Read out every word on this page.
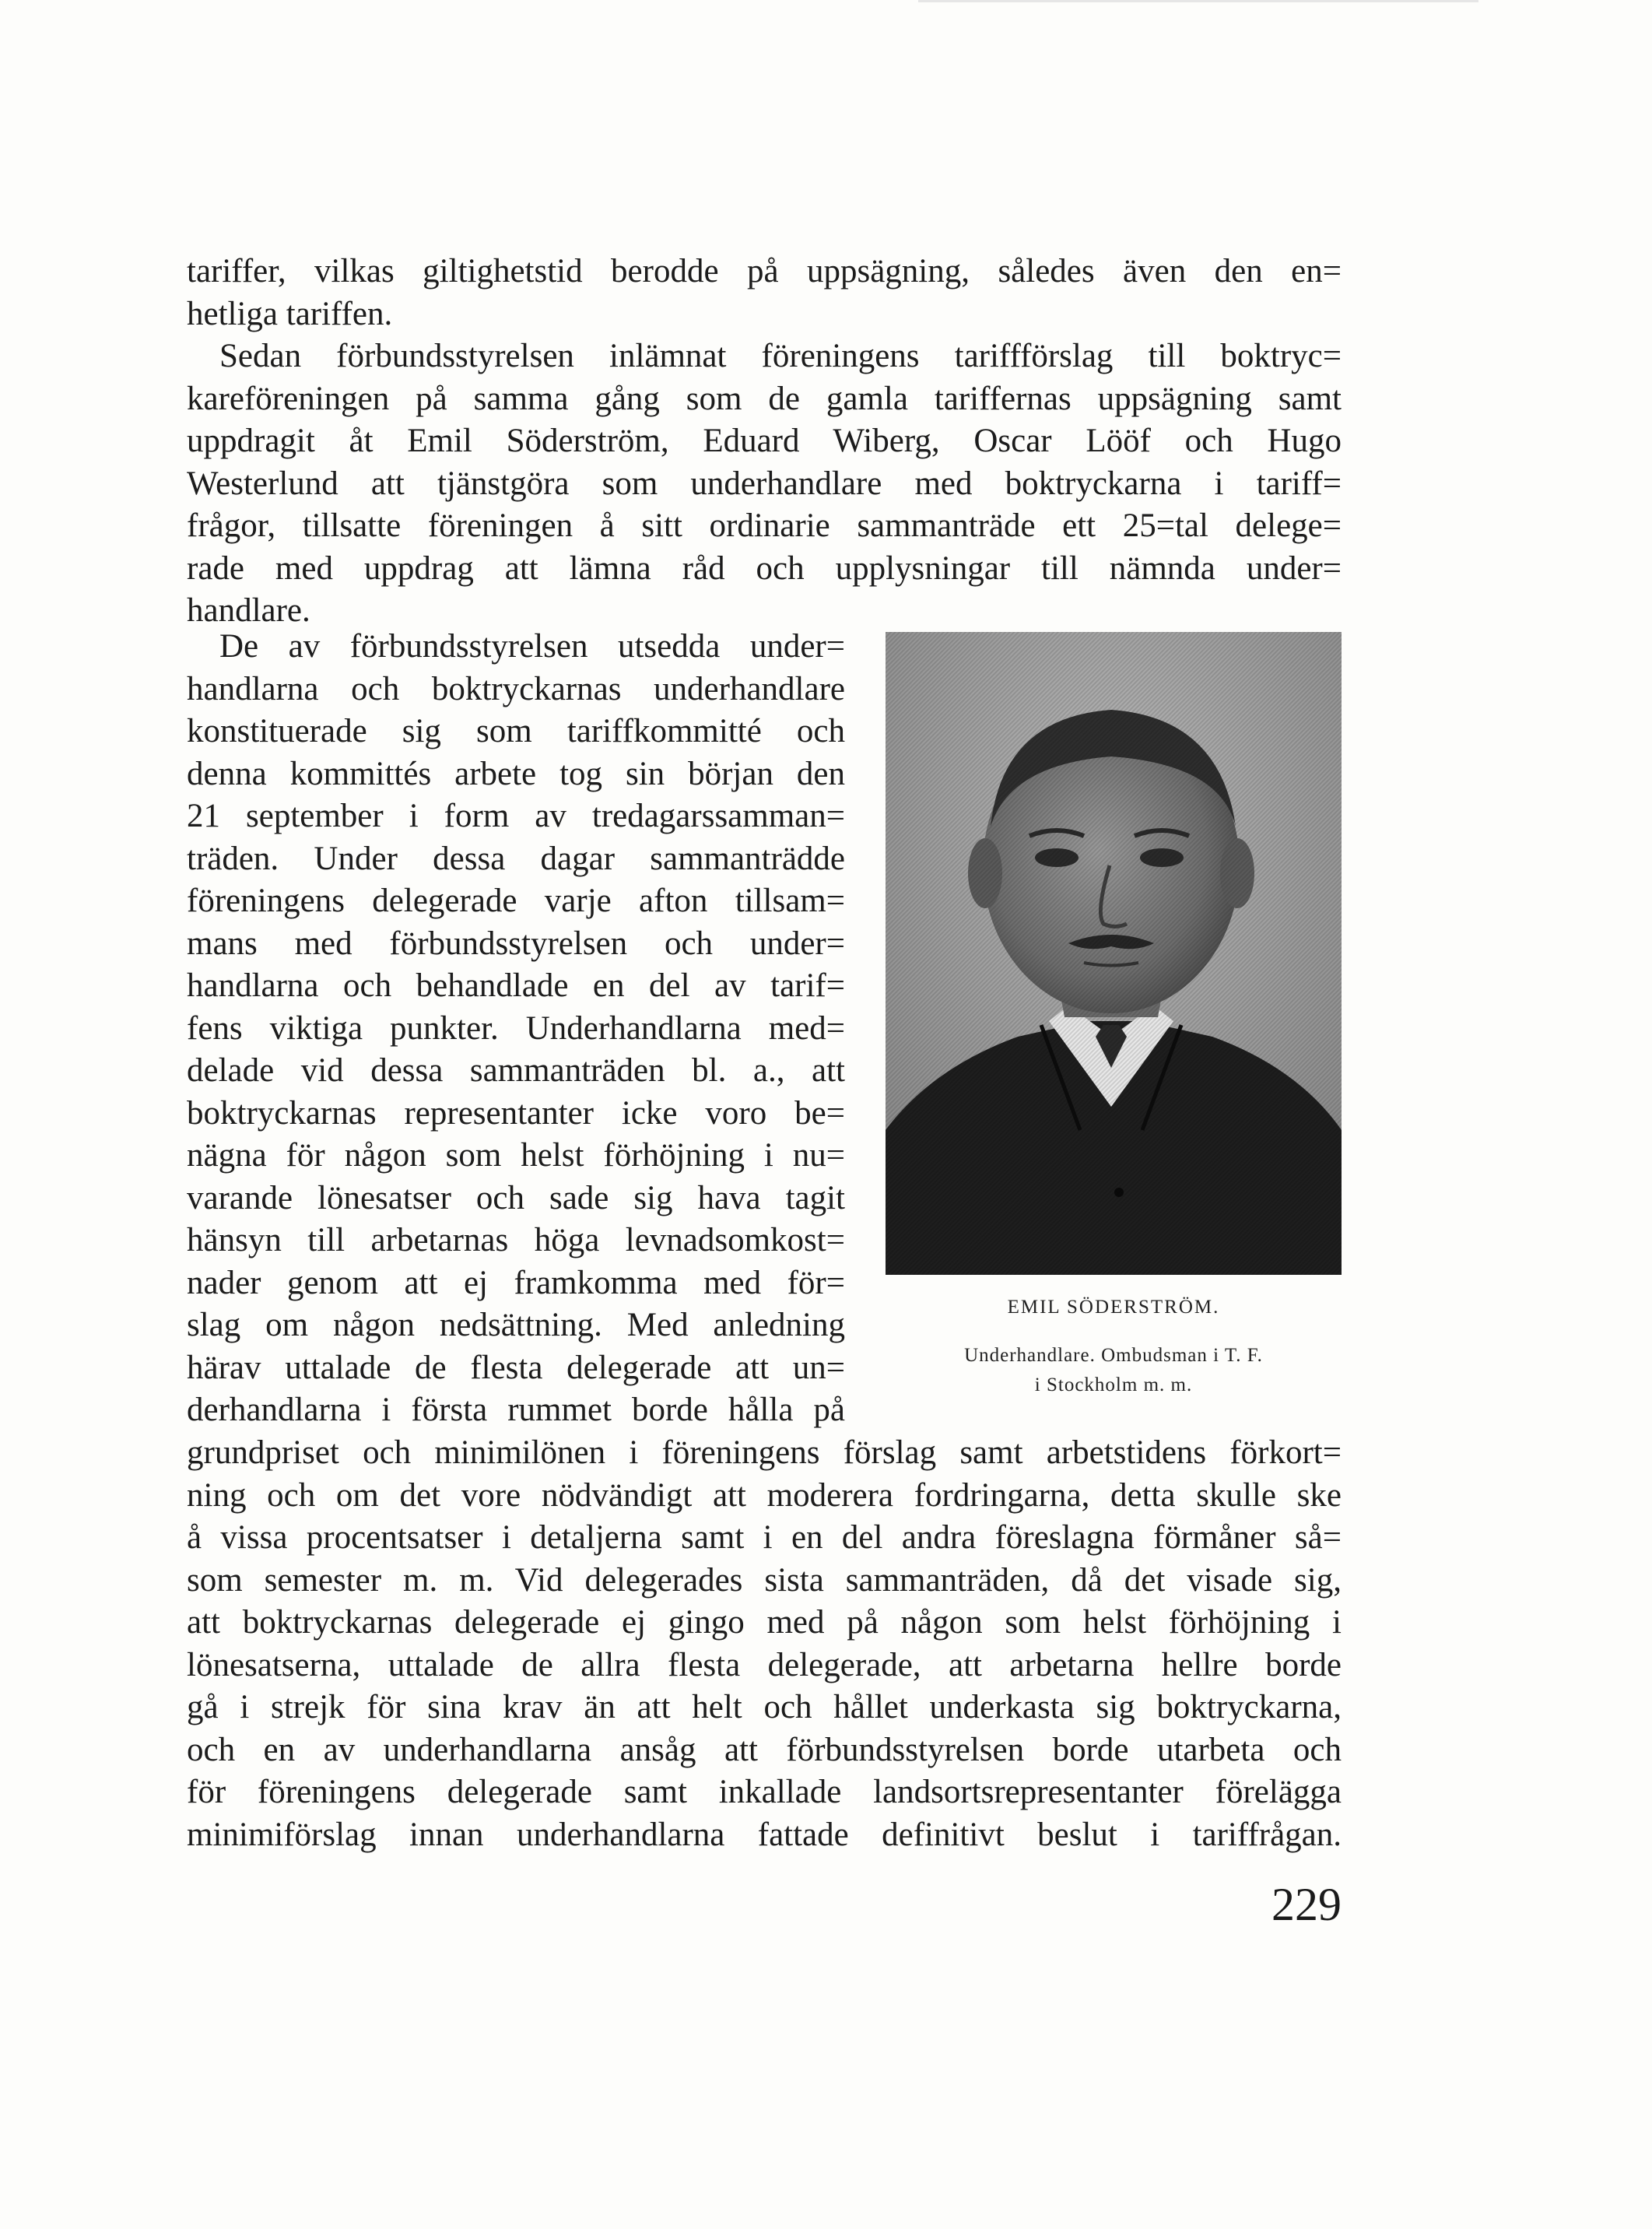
tariffer, vilkas giltighetstid berodde på uppsägning, således även den en=
hetliga tariffen.
Sedan förbundsstyrelsen inlämnat föreningens tariffförslag till boktryc=
kareföreningen på samma gång som de gamla tariffernas uppsägning samt
uppdragit åt Emil Söderström, Eduard Wiberg, Oscar Lööf och Hugo
Westerlund att tjänstgöra som underhandlare med boktryckarna i tariff=
frågor, tillsatte föreningen å sitt ordinarie sammanträde ett 25=tal delege=
rade med uppdrag att lämna råd och upplysningar till nämnda under=
handlare.
De av förbundsstyrelsen utsedda under=
handlarna och boktryckarnas underhandlare
konstituerade sig som tariffkommitté och
denna kommittés arbete tog sin början den
21 september i form av tredagarssamman=
träden. Under dessa dagar sammanträdde
föreningens delegerade varje afton tillsam=
mans med förbundsstyrelsen och under=
handlarna och behandlade en del av tarif=
fens viktiga punkter. Underhandlarna med=
delade vid dessa sammanträden bl. a., att
boktryckarnas representanter icke voro be=
nägna för någon som helst förhöjning i nu=
varande lönesatser och sade sig hava tagit
hänsyn till arbetarnas höga levnadsomkost=
nader genom att ej framkomma med för=
slag om någon nedsättning. Med anledning
härav uttalade de flesta delegerade att un=
derhandlarna i första rummet borde hålla på
grundpriset och minimilönen i föreningens förslag samt arbetstidens förkort=
ning och om det vore nödvändigt att moderera fordringarna, detta skulle ske
å vissa procentsatser i detaljerna samt i en del andra föreslagna förmåner så=
som semester m. m. Vid delegerades sista sammanträden, då det visade sig,
att boktryckarnas delegerade ej gingo med på någon som helst förhöjning i
lönesatserna, uttalade de allra flesta delegerade, att arbetarna hellre borde
gå i strejk för sina krav än att helt och hållet underkasta sig boktryckarna,
och en av underhandlarna ansåg att förbundsstyrelsen borde utarbeta och
för föreningens delegerade samt inkallade landsortsrepresentanter förelägga
minimiförslag innan underhandlarna fattade definitivt beslut i tariffrågan.
EMIL SÖDERSTRÖM.
Underhandlare. Ombudsman i T. F.
i Stockholm m. m.
229
